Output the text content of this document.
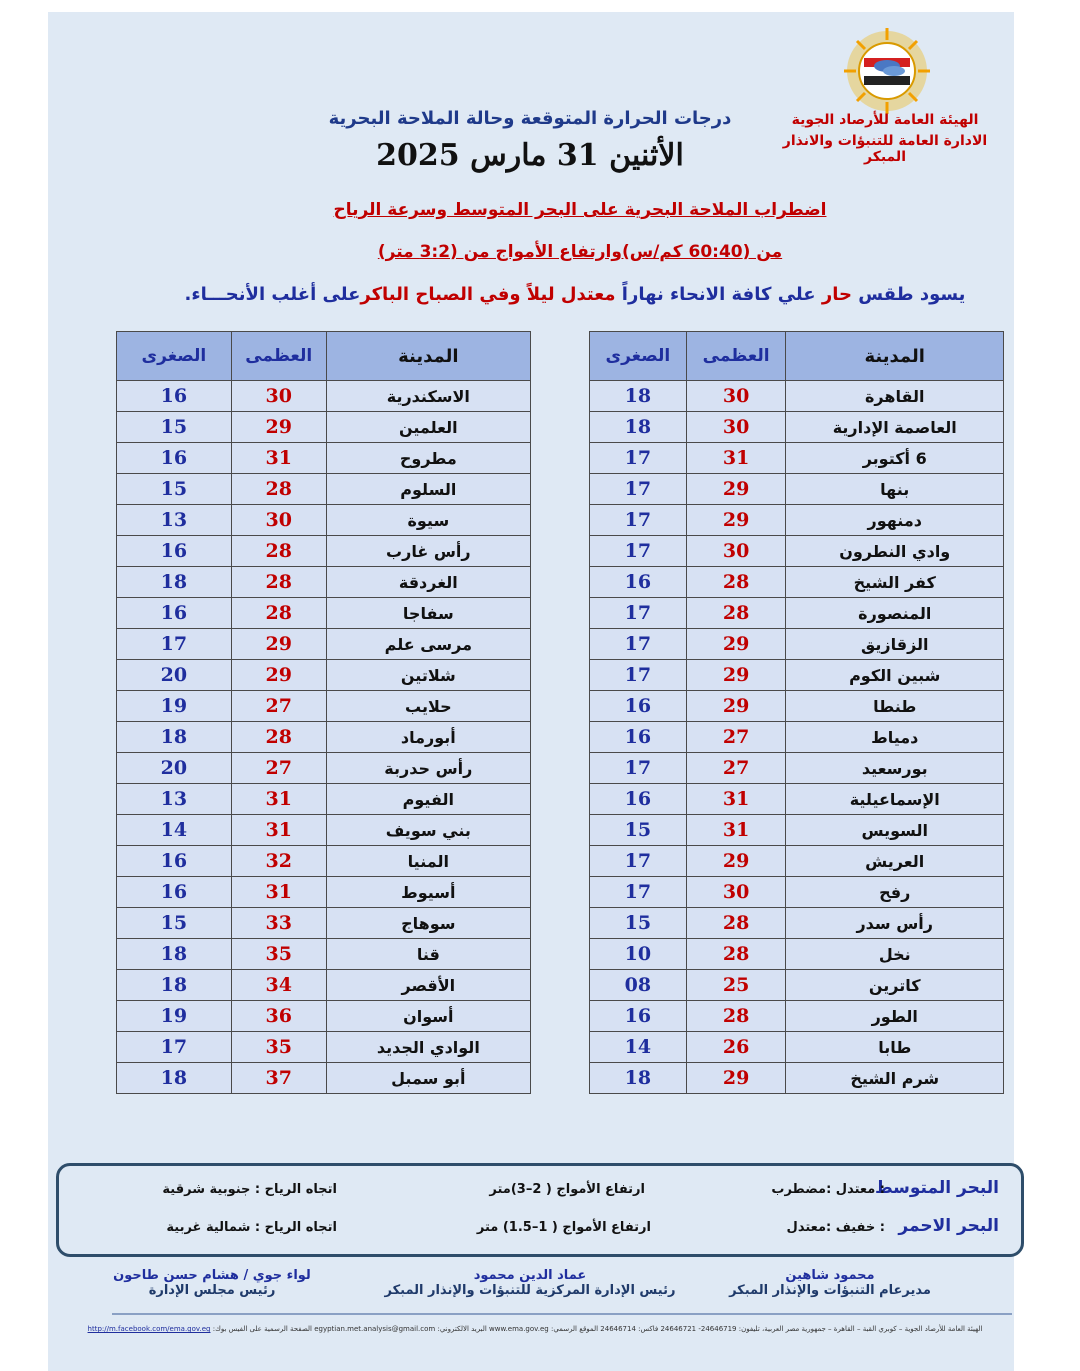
الهيئة العامة للأرصاد الجوية
الادارة العامة للتنبؤات والانذار المبكر
درجات الحرارة المتوقعة وحالة الملاحة البحرية
الأثنين 31 مارس 2025
اضطراب الملاحة البحرية على البحر المتوسط وسرعة الرياح
من (60:40 كم/س)وارتفاع الأمواج من (3:2 متر)
يسود طقس حار علي كافة الانحاء نهاراً معتدل ليلاً وفي الصباح الباكرعلى أغلب الأنحـــاء.
المدينة	العظمى	الصغرى
القاهرة	30	18
العاصمة الإدارية	30	18
6 أكتوبر	31	17
بنها	29	17
دمنهور	29	17
وادي النطرون	30	17
كفر الشيخ	28	16
المنصورة	28	17
الزقازيق	29	17
شبين الكوم	29	17
طنطا	29	16
دمياط	27	16
بورسعيد	27	17
الإسماعيلية	31	16
السويس	31	15
العريش	29	17
رفح	30	17
رأس سدر	28	15
نخل	28	10
كاترين	25	08
الطور	28	16
طابا	26	14
شرم الشيخ	29	18
المدينة	العظمى	الصغرى
الاسكندرية	30	16
العلمين	29	15
مطروح	31	16
السلوم	28	15
سيوة	30	13
رأس غارب	28	16
الغردقة	28	18
سفاجا	28	16
مرسى علم	29	17
شلاتين	29	20
حلايب	27	19
أبورماد	28	18
رأس حدربة	27	20
الفيوم	31	13
بني سويف	31	14
المنيا	32	16
أسيوط	31	16
سوهاج	33	15
قنا	35	18
الأقصر	34	18
أسوان	36	19
الوادي الجديد	35	17
أبو سمبل	37	18
البحر المتوسط
: معتدل :مضطرب
ارتفاع الأمواج ( 2–3)متر
اتجاه الرياح : جنوبية شرقية
البحر الاحمر
: خفيف :معتدل
ارتفاع الأمواج ( 1–1.5) متر
اتجاه الرياح : شمالية غربية
محمود شاهين
مديرعام التنبؤات والإنذار المبكر
عماد الدين محمود
رئيس الإدارة المركزية للتنبؤات والإنذار المبكر
لواء جوي / هشام حسن طاحون
رئيس مجلس الإدارة
الهيئة العامة للأرصاد الجوية – كوبري القبة – القاهرة – جمهورية مصر العربية، تليفون: 24646719- 24646721 فاكس: 24646714 الموقع الرسمي: www.ema.gov.eg البريد الالكتروني: egyptian.met.analysis@gmail.com الصفحة الرسمية على الفيس بوك: http://m.facebook.com/ema.gov.eg
